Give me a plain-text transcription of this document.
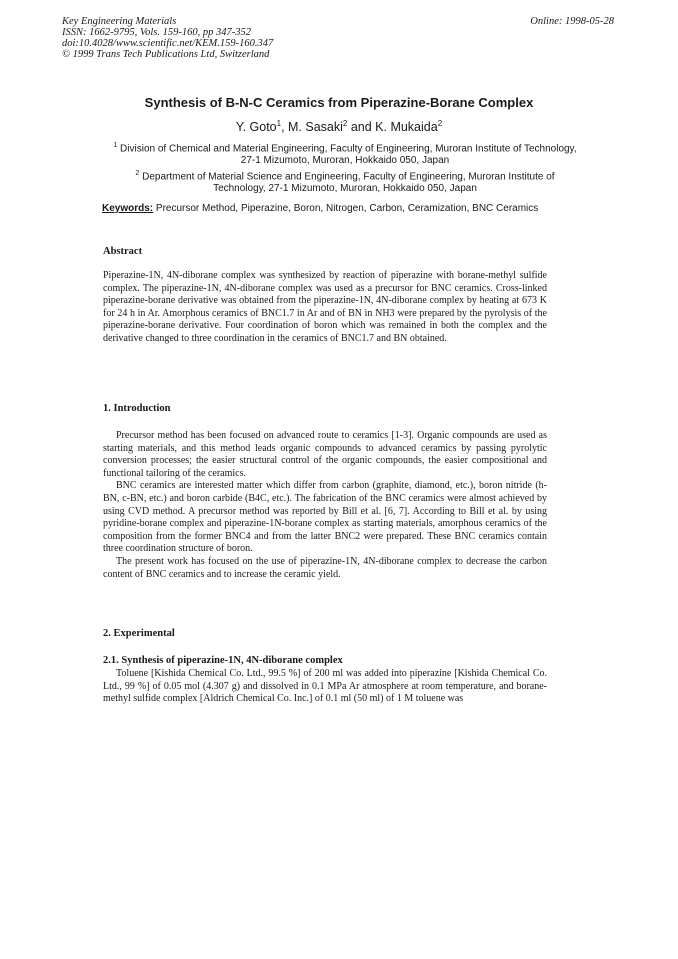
Key Engineering Materials
ISSN: 1662-9795, Vols. 159-160, pp 347-352
doi:10.4028/www.scientific.net/KEM.159-160.347
© 1999 Trans Tech Publications Ltd, Switzerland
Online: 1998-05-28
Synthesis of B-N-C Ceramics from Piperazine-Borane Complex
Y. Goto$^1$, M. Sasaki$^2$ and K. Mukaida$^2$
$^1$ Division of Chemical and Material Engineering, Faculty of Engineering, Muroran Institute of Technology, 27-1 Mizumoto, Muroran, Hokkaido 050, Japan
$^2$ Department of Material Science and Engineering, Faculty of Engineering, Muroran Institute of Technology, 27-1 Mizumoto, Muroran, Hokkaido 050, Japan
Keywords: Precursor Method, Piperazine, Boron, Nitrogen, Carbon, Ceramization, BNC Ceramics
Abstract

Piperazine-1N, 4N-diborane complex was synthesized by reaction of piperazine with borane-methyl sulfide complex. The piperazine-1N, 4N-diborane complex was used as a precursor for BNC ceramics. Cross-linked piperazine-borane derivative was obtained from the piperazine-1N, 4N-diborane complex by heating at 673 K for 24 h in Ar. Amorphous ceramics of BNC1.7 in Ar and of BN in NH3 were prepared by the pyrolysis of the piperazine-borane derivative. Four coordination of boron which was remained in both the complex and the derivative changed to three coordination in the ceramics of BNC1.7 and BN obtained.

1. Introduction

Precursor method has been focused on advanced route to ceramics [1-3]. Organic compounds are used as starting materials, and this method leads organic compounds to advanced ceramics by passing pyrolytic conversion processes; the easier structural control of the organic compounds, the easier compositional and functional tailoring of the ceramics.

BNC ceramics are interested matter which differ from carbon (graphite, diamond, etc.), boron nitride (h-BN, c-BN, etc.) and boron carbide (B4C, etc.). The fabrication of the BNC ceramics were almost achieved by using CVD method. A precursor method was reported by Bill et al. [6, 7]. According to Bill et al. by using pyridine-borane complex and piperazine-1N-borane complex as starting materials, amorphous ceramics of the composition from the former BNC4 and from the latter BNC2 were prepared. These BNC ceramics contain three coordination structure of boron.

The present work has focused on the use of piperazine-1N, 4N-diborane complex to decrease the carbon content of BNC ceramics and to increase the ceramic yield.

2. Experimental
2.1. Synthesis of piperazine-1N, 4N-diborane complex

Toluene [Kishida Chemical Co. Ltd., 99.5 %] of 200 ml was added into piperazine [Kishida Chemical Co. Ltd., 99 %] of 0.05 mol (4.307 g) and dissolved in 0.1 MPa Ar atmosphere at room temperature, and borane-methyl sulfide complex [Aldrich Chemical Co. Inc.] of 0.1 ml (50 ml) of 1 M toluene was
